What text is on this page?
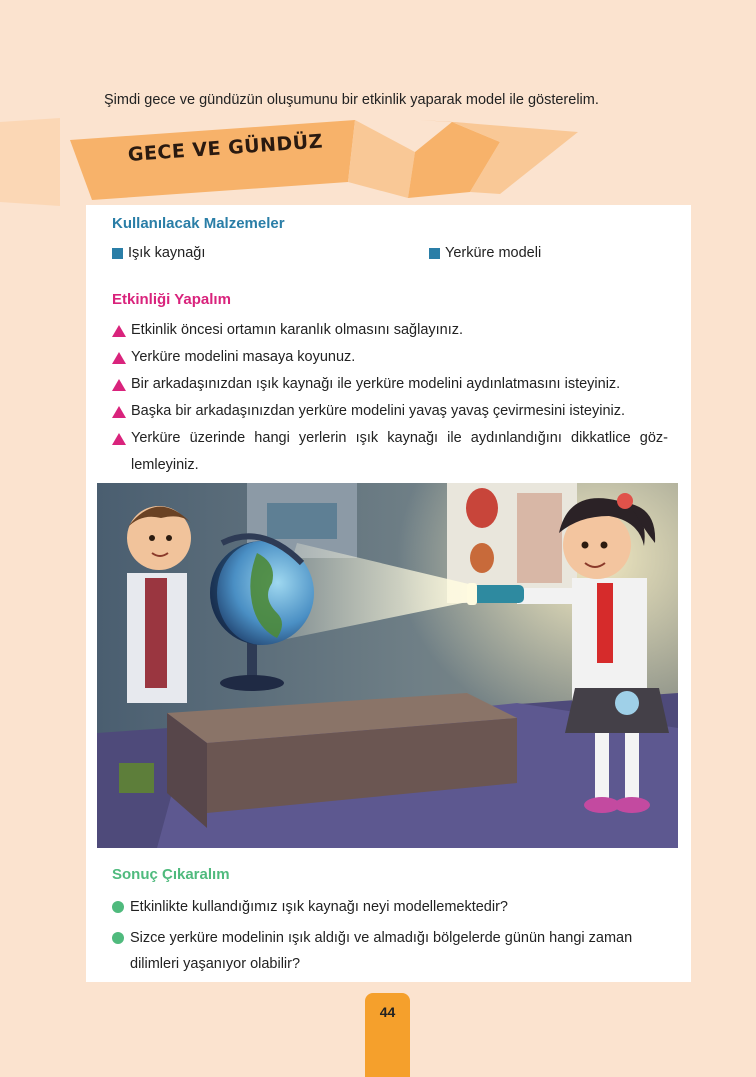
Şimdi gece ve gündüzün oluşumunu bir etkinlik yaparak model ile gösterelim.
GECE VE GÜNDÜZ
Kullanılacak Malzemeler
Işık kaynağı	Yerküre modeli
Etkinliği Yapalım
Etkinlik öncesi ortamın karanlık olmasını sağlayınız.
Yerküre modelini masaya koyunuz.
Bir arkadaşınızdan ışık kaynağı ile yerküre modelini aydınlatmasını isteyiniz.
Başka bir arkadaşınızdan yerküre modelini yavaş yavaş çevirmesini isteyiniz.
Yerküre üzerinde hangi yerlerin ışık kaynağı ile aydınlandığını dikkatlice göz-lemleyiniz.
Sonuç Çıkaralım
Etkinlikte kullandığımız ışık kaynağı neyi modellemektedir?
Sizce yerküre modelinin ışık aldığı ve almadığı bölgelerde günün hangi zaman dilimleri yaşanıyor olabilir?
44
